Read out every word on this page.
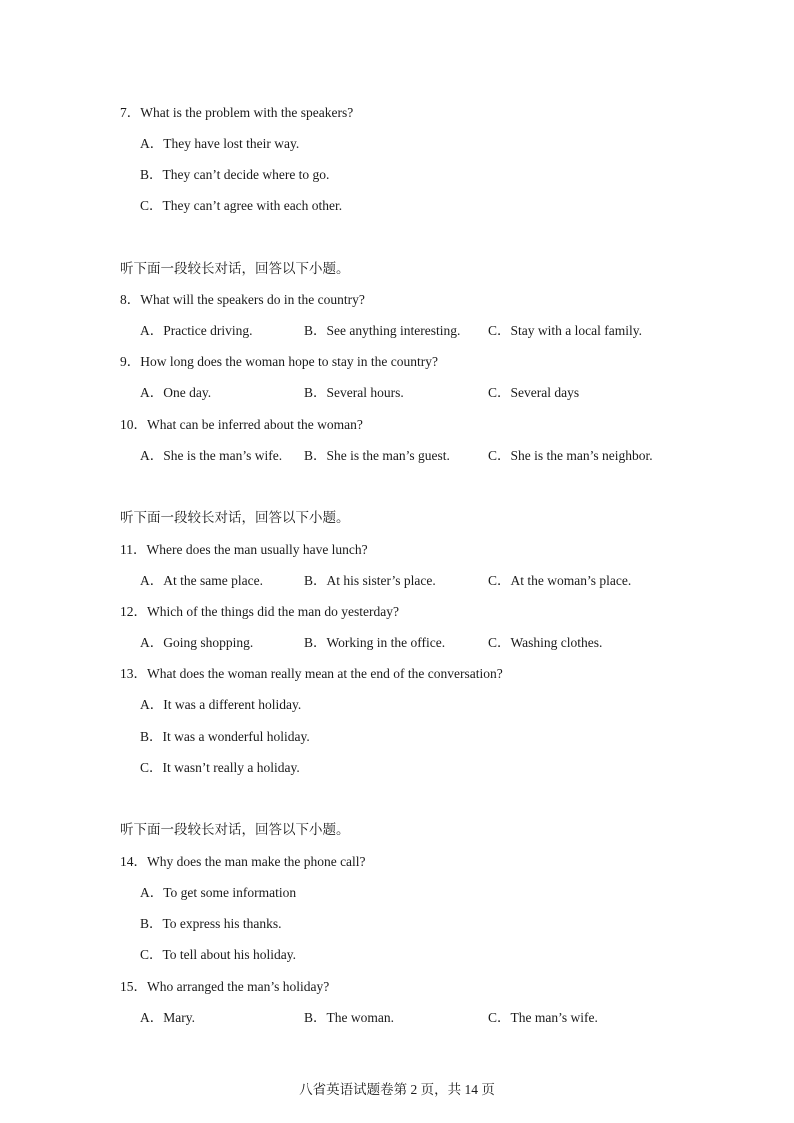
7．What is the problem with the speakers?
A．They have lost their way.
B．They can’t decide where to go.
C．They can’t agree with each other.
听下面一段较长对话，回答以下小题。
8．What will the speakers do in the country?
A．Practice driving.	B．See anything interesting. C．Stay with a local family.
9．How long does the woman hope to stay in the country?
A．One day.	B．Several hours.	C．Several days
10．What can be inferred about the woman?
A．She is the man’s wife. B．She is the man’s guest.	C．She is the man’s neighbor.
听下面一段较长对话，回答以下小题。
11．Where does the man usually have lunch?
A．At the same place.	B．At his sister’s place.	C．At the woman’s place.
12．Which of the things did the man do yesterday?
A．Going shopping.	B．Working in the office.	C．Washing clothes.
13．What does the woman really mean at the end of the conversation?
A．It was a different holiday.
B．It was a wonderful holiday.
C．It wasn’t really a holiday.
听下面一段较长对话，回答以下小题。
14．Why does the man make the phone call?
A．To get some information
B．To express his thanks.
C．To tell about his holiday.
15．Who arranged the man’s holiday?
A．Mary.	B．The woman.	C．The man’s wife.
八省英语试题卷第 2 页，共 14 页
